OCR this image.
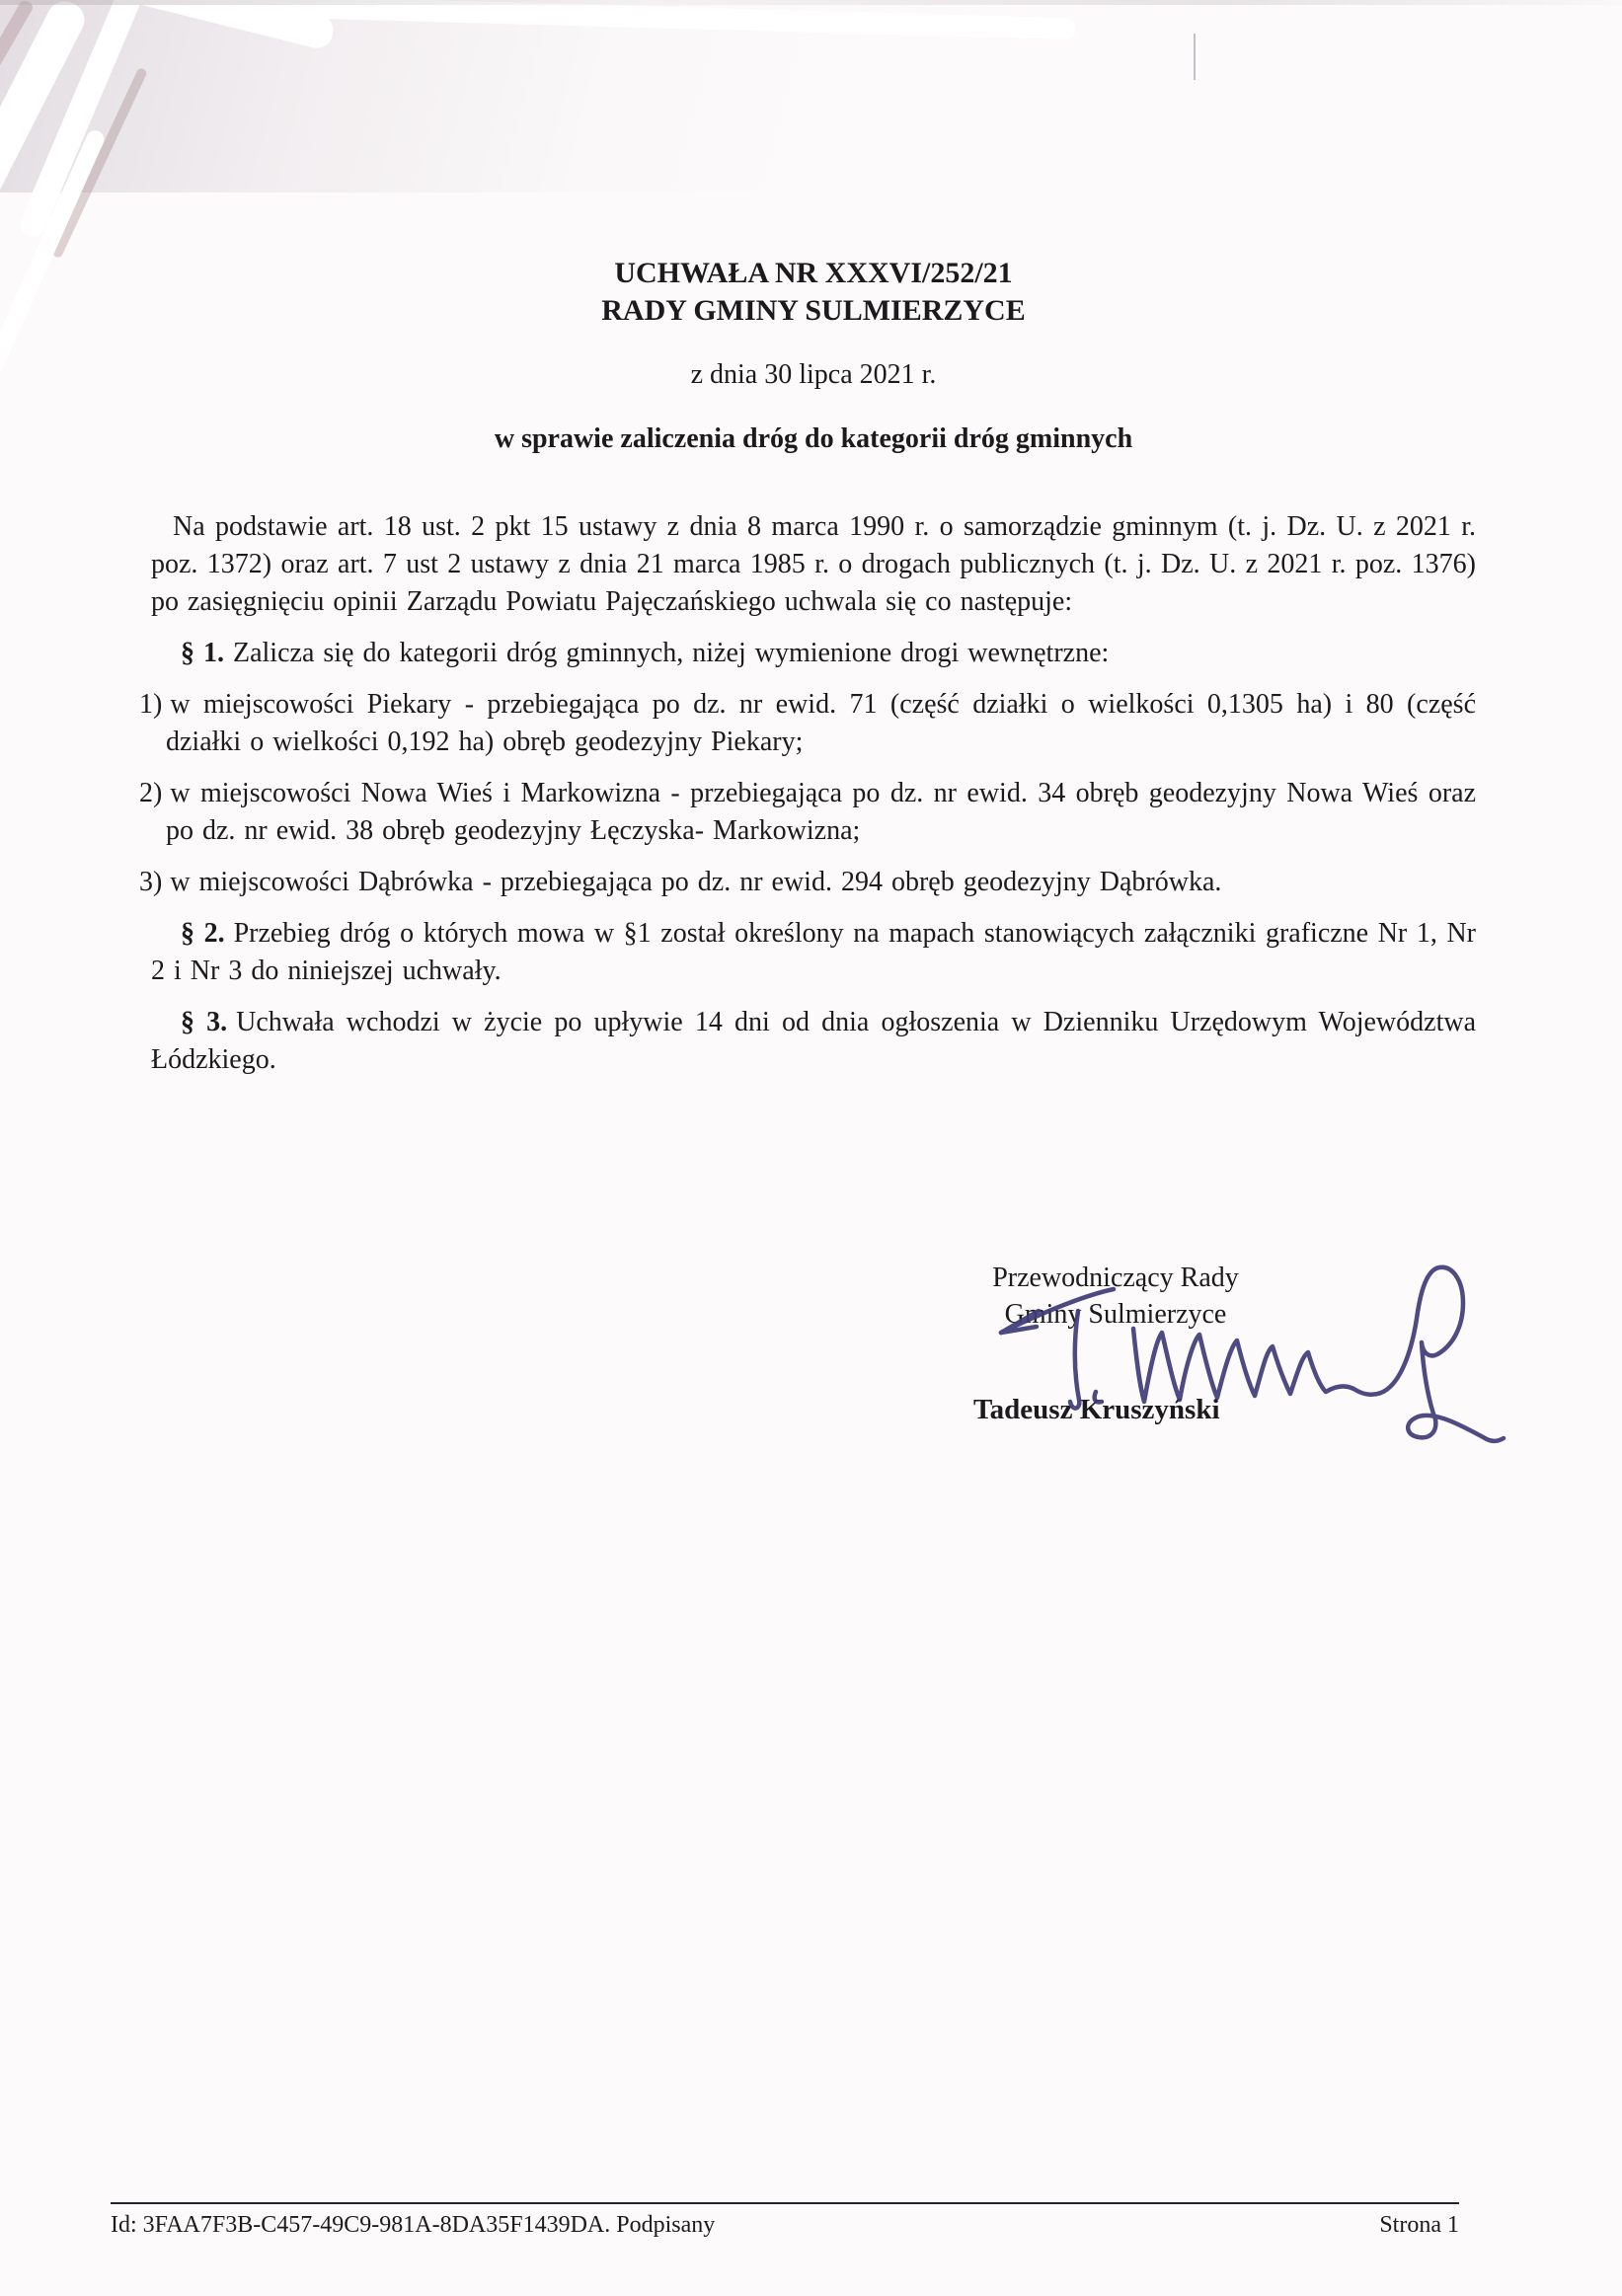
UCHWAŁA NR XXXVI/252/21
RADY GMINY SULMIERZYCE
z dnia 30 lipca 2021 r.
w sprawie zaliczenia dróg do kategorii dróg gminnych

Na podstawie art. 18 ust. 2 pkt 15 ustawy z dnia 8 marca 1990 r. o samorządzie gminnym (t. j. Dz. U. z 2021 r. poz. 1372) oraz art. 7 ust 2 ustawy z dnia 21 marca 1985 r. o drogach publicznych (t. j. Dz. U. z 2021 r. poz. 1376) po zasięgnięciu opinii Zarządu Powiatu Pajęczańskiego uchwala się co następuje:

§ 1. Zalicza się do kategorii dróg gminnych, niżej wymienione drogi wewnętrzne:

1) w miejscowości Piekary - przebiegająca po dz. nr ewid. 71 (część działki o wielkości 0,1305 ha) i 80 (część działki o wielkości 0,192 ha) obręb geodezyjny Piekary;
2) w miejscowości Nowa Wieś i Markowizna - przebiegająca po dz. nr ewid. 34 obręb geodezyjny Nowa Wieś oraz po dz. nr ewid. 38 obręb geodezyjny Łęczyska- Markowizna;
3) w miejscowości Dąbrówka - przebiegająca po dz. nr ewid. 294 obręb geodezyjny Dąbrówka.

§ 2. Przebieg dróg o których mowa w §1 został określony na mapach stanowiących załączniki graficzne Nr 1, Nr 2 i Nr 3 do niniejszej uchwały.

§ 3. Uchwała wchodzi w życie po upływie 14 dni od dnia ogłoszenia w Dzienniku Urzędowym Województwa Łódzkiego.

Przewodniczący Rady
Gminy Sulmierzyce
Tadeusz Kruszyński
Id: 3FAA7F3B-C457-49C9-981A-8DA35F1439DA. Podpisany	Strona 1
